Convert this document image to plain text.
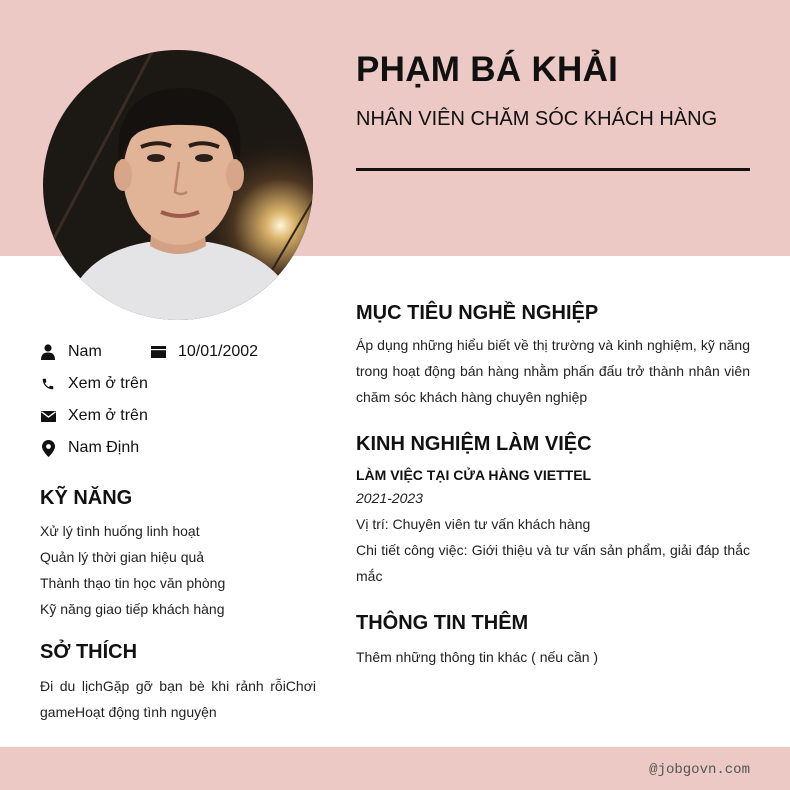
PHẠM BÁ KHẢI
NHÂN VIÊN CHĂM SÓC KHÁCH HÀNG
Nam	10/01/2002
Xem ở trên
Xem ở trên
Nam Định
KỸ NĂNG
Xử lý tình huống linh hoạt
Quản lý thời gian hiệu quả
Thành thạo tin học văn phòng
Kỹ năng giao tiếp khách hàng
SỞ THÍCH
Đi du lịchGặp gỡ bạn bè khi rảnh rỗiChơi gameHoạt động tình nguyện
MỤC TIÊU NGHỀ NGHIỆP
Áp dụng những hiểu biết về thị trường và kinh nghiệm, kỹ năng trong hoạt động bán hàng nhằm phấn đấu trở thành nhân viên chăm sóc khách hàng chuyên nghiệp
KINH NGHIỆM LÀM VIỆC
LÀM VIỆC TẠI CỬA HÀNG VIETTEL
2021-2023
Vị trí: Chuyên viên tư vấn khách hàng
Chi tiết công việc: Giới thiệu và tư vấn sản phẩm, giải đáp thắc mắc
THÔNG TIN THÊM
Thêm những thông tin khác ( nếu cần )
@jobgovn.com
